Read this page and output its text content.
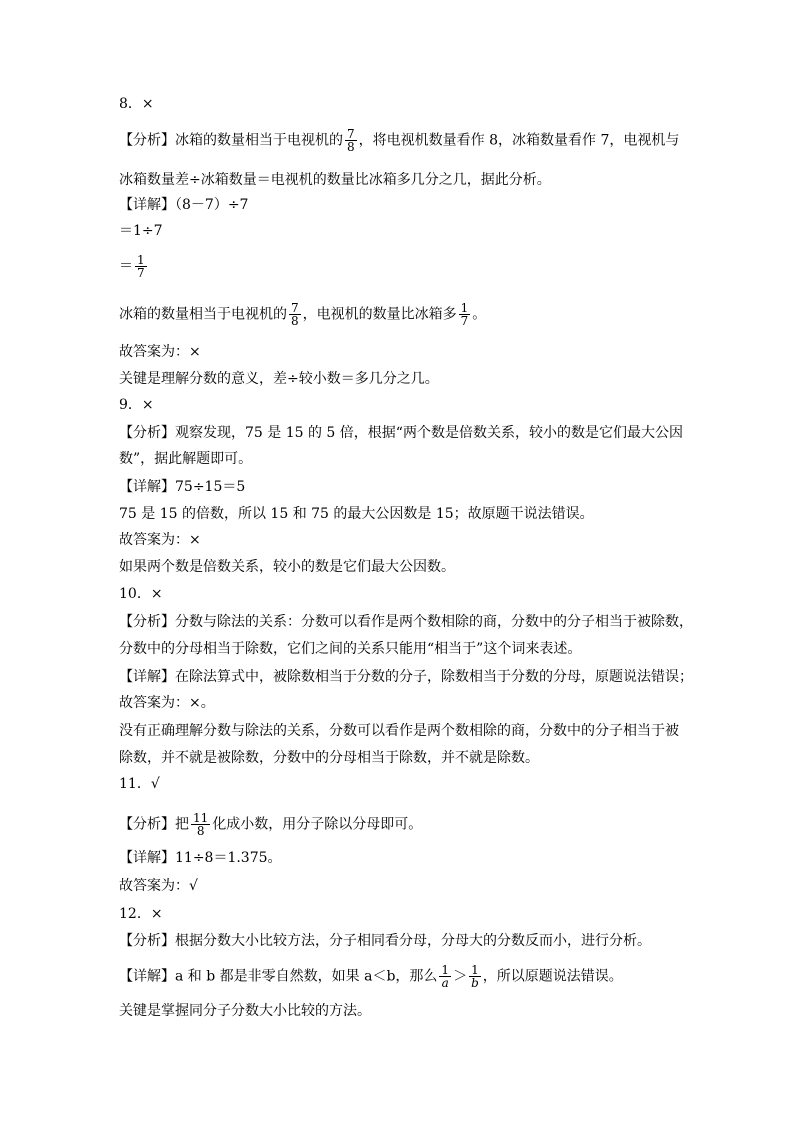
8．×
【分析】冰箱的数量相当于电视机的 $\frac{7}{8}$ ，将电视机数量看作 8，冰箱数量看作 7，电视机与
冰箱数量差÷冰箱数量＝电视机的数量比冰箱多几分之几，据此分析。
【详解】（8－7）÷7
＝1÷7
＝ $\frac{1}{7}$
冰箱的数量相当于电视机的 $\frac{7}{8}$ ，电视机的数量比冰箱多 $\frac{1}{7}$ 。
故答案为：×
关键是理解分数的意义，差÷较小数＝多几分之几。
9．×
【分析】观察发现，75 是 15 的 5 倍，根据“两个数是倍数关系，较小的数是它们最大公因
数”，据此解题即可。
【详解】75÷15＝5
75 是 15 的倍数，所以 15 和 75 的最大公因数是 15；故原题干说法错误。
故答案为：×
如果两个数是倍数关系，较小的数是它们最大公因数。
10．×
【分析】分数与除法的关系：分数可以看作是两个数相除的商，分数中的分子相当于被除数，
分数中的分母相当于除数，它们之间的关系只能用“相当于”这个词来表述。
【详解】在除法算式中，被除数相当于分数的分子，除数相当于分数的分母，原题说法错误；
故答案为：×。
没有正确理解分数与除法的关系，分数可以看作是两个数相除的商，分数中的分子相当于被
除数，并不就是被除数，分数中的分母相当于除数，并不就是除数。
11．√
【分析】把 $\frac{11}{8}$ 化成小数，用分子除以分母即可。
【详解】11÷8＝1.375。
故答案为：√
12．×
【分析】根据分数大小比较方法，分子相同看分母，分母大的分数反而小，进行分析。
【详解】a 和 b 都是非零自然数，如果 a＜b，那么 $\frac{1}{a} > \frac{1}{b}$ ，所以原题说法错误。
关键是掌握同分子分数大小比较的方法。
